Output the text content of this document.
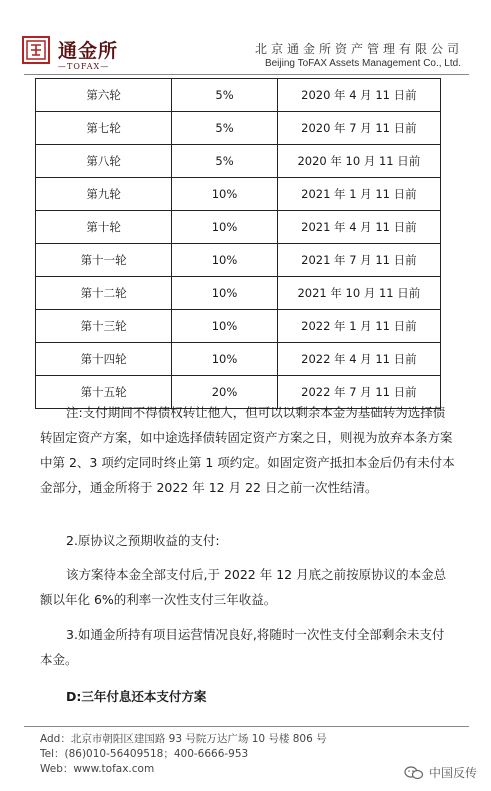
通金所
—TOFAX—
北京通金所资产管理有限公司
Beijing ToFAX Assets Management Co., Ltd.
第六轮	5%	2020 年 4 月 11 日前
第七轮	5%	2020 年 7 月 11 日前
第八轮	5%	2020 年 10 月 11 日前
第九轮	10%	2021 年 1 月 11 日前
第十轮	10%	2021 年 4 月 11 日前
第十一轮	10%	2021 年 7 月 11 日前
第十二轮	10%	2021 年 10 月 11 日前
第十三轮	10%	2022 年 1 月 11 日前
第十四轮	10%	2022 年 4 月 11 日前
第十五轮	20%	2022 年 7 月 11 日前
注:支付期间不得债权转让他人，但可以以剩余本金为基础转为选择债转固定资产方案，如中途选择债转固定资产方案之日，则视为放弃本条方案中第 2、3 项约定同时终止第 1 项约定。如固定资产抵扣本金后仍有未付本金部分，通金所将于 2022 年 12 月 22 日之前一次性结清。
2.原协议之预期收益的支付:
该方案待本金全部支付后,于 2022 年 12 月底之前按原协议的本金总额以年化 6%的利率一次性支付三年收益。
3.如通金所持有项目运营情况良好,将随时一次性支付全部剩余未支付本金。
D:三年付息还本支付方案
Add：北京市朝阳区建国路 93 号院万达广场 10 号楼 806 号
Tel：(86)010-56409518；400-6666-953
Web：www.tofax.com	中国反传
